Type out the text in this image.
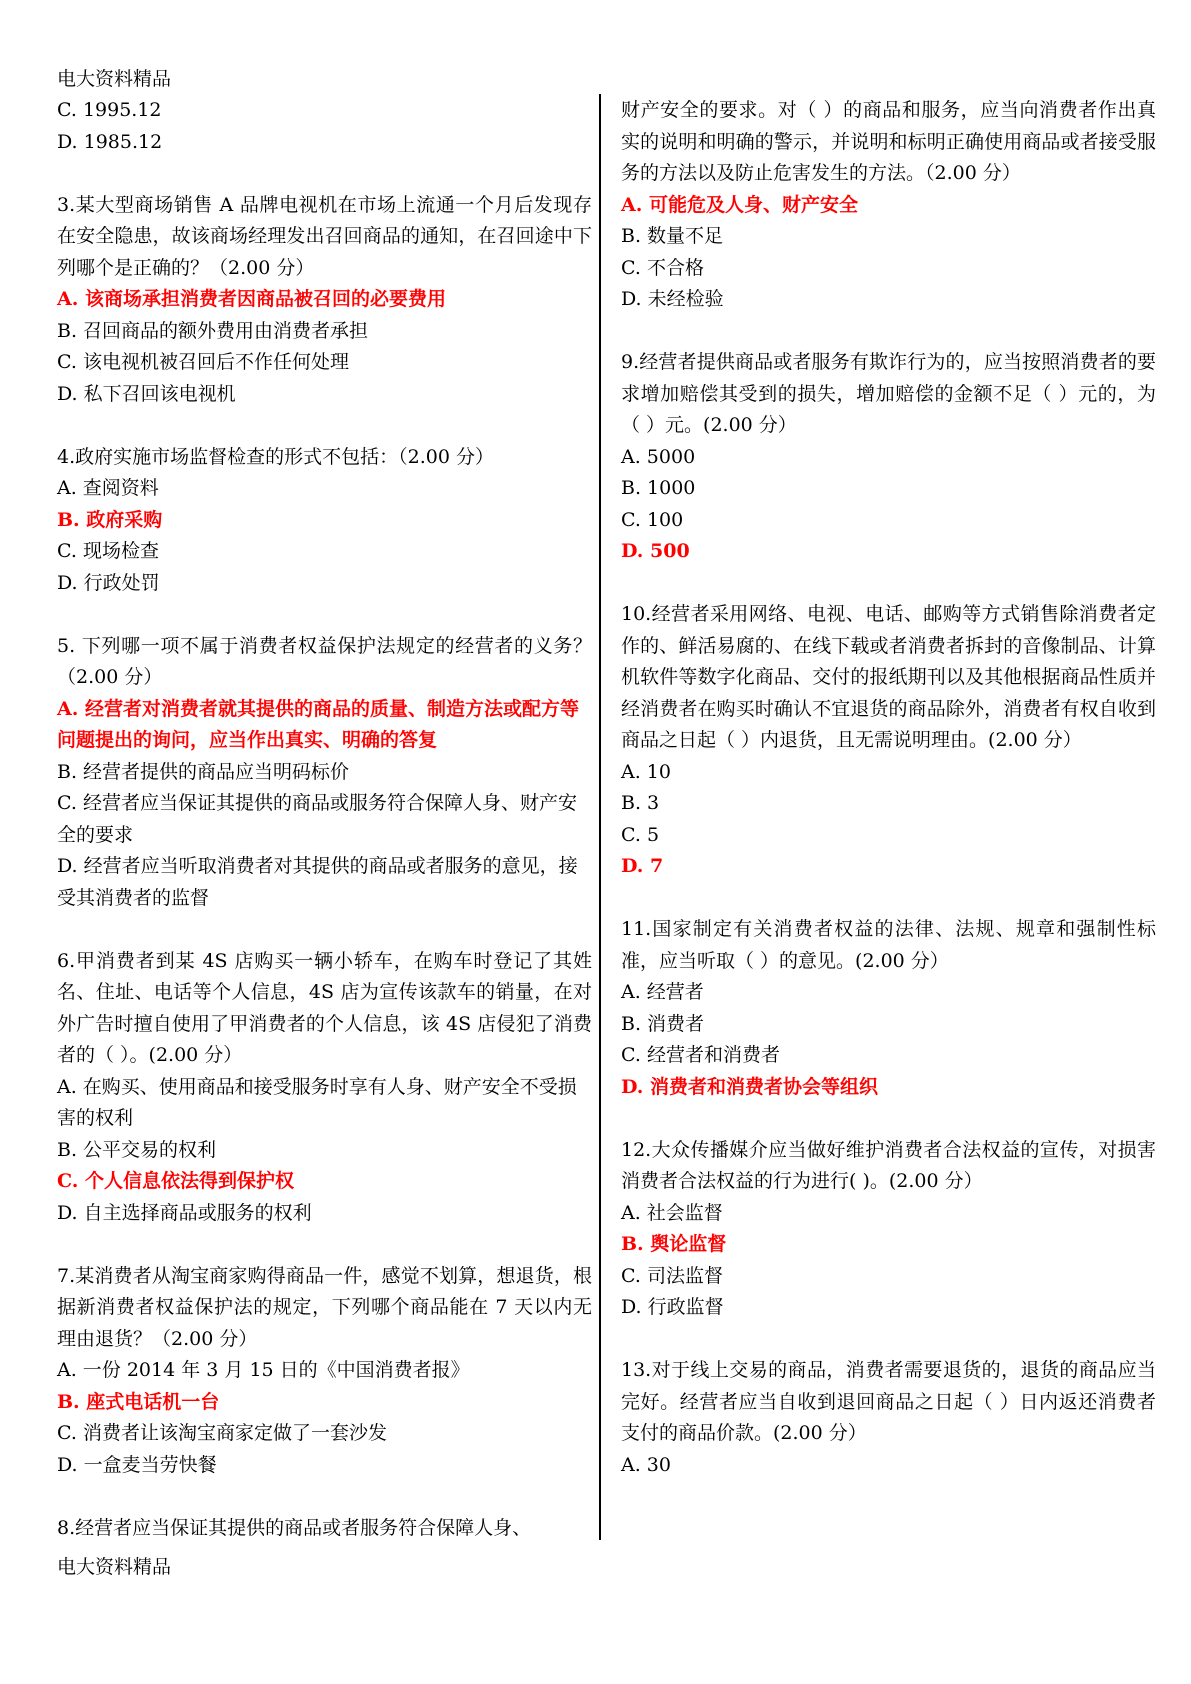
电大资料精品

C. 1995.12

D. 1985.12

3.某大型商场销售 A 品牌电视机在市场上流通一个月后发现存在安全隐患，故该商场经理发出召回商品的通知，在召回途中下列哪个是正确的？（2.00 分）

A. 该商场承担消费者因商品被召回的必要费用

B. 召回商品的额外费用由消费者承担

C. 该电视机被召回后不作任何处理

D. 私下召回该电视机

4.政府实施市场监督检查的形式不包括：（2.00 分）

A. 查阅资料

B. 政府采购

C. 现场检查

D. 行政处罚

5. 下列哪一项不属于消费者权益保护法规定的经营者的义务？（2.00 分）

A. 经营者对消费者就其提供的商品的质量、制造方法或配方等问题提出的询问，应当作出真实、明确的答复

B. 经营者提供的商品应当明码标价

C. 经营者应当保证其提供的商品或服务符合保障人身、财产安全的要求

D. 经营者应当听取消费者对其提供的商品或者服务的意见，接受其消费者的监督

6.甲消费者到某 4S 店购买一辆小轿车，在购车时登记了其姓名、住址、电话等个人信息，4S 店为宣传该款车的销量，在对外广告时擅自使用了甲消费者的个人信息，该 4S 店侵犯了消费者的（ ）。(2.00 分）

A. 在购买、使用商品和接受服务时享有人身、财产安全不受损害的权利

B. 公平交易的权利

C. 个人信息依法得到保护权

D. 自主选择商品或服务的权利

7.某消费者从淘宝商家购得商品一件，感觉不划算，想退货，根据新消费者权益保护法的规定，下列哪个商品能在 7 天以内无理由退货？（2.00 分）

A. 一份 2014 年 3 月 15 日的《中国消费者报》

B. 座式电话机一台

C. 消费者让该淘宝商家定做了一套沙发

D. 一盒麦当劳快餐

8.经营者应当保证其提供的商品或者服务符合保障人身、

财产安全的要求。对（ ）的商品和服务，应当向消费者作出真实的说明和明确的警示，并说明和标明正确使用商品或者接受服务的方法以及防止危害发生的方法。（2.00 分）

A. 可能危及人身、财产安全

B. 数量不足

C. 不合格

D. 未经检验

9.经营者提供商品或者服务有欺诈行为的，应当按照消费者的要求增加赔偿其受到的损失，增加赔偿的金额不足（ ）元的，为（ ）元。(2.00 分）

A. 5000

B. 1000

C. 100

D. 500

10.经营者采用网络、电视、电话、邮购等方式销售除消费者定作的、鲜活易腐的、在线下载或者消费者拆封的音像制品、计算机软件等数字化商品、交付的报纸期刊以及其他根据商品性质并经消费者在购买时确认不宜退货的商品除外，消费者有权自收到商品之日起（ ）内退货，且无需说明理由。(2.00 分）

A. 10

B. 3

C. 5

D. 7

11.国家制定有关消费者权益的法律、法规、规章和强制性标准，应当听取（ ）的意见。(2.00 分）

A. 经营者

B. 消费者

C. 经营者和消费者

D. 消费者和消费者协会等组织

12.大众传播媒介应当做好维护消费者合法权益的宣传，对损害消费者合法权益的行为进行( )。(2.00 分）

A. 社会监督

B. 舆论监督

C. 司法监督

D. 行政监督

13.对于线上交易的商品，消费者需要退货的，退货的商品应当完好。经营者应当自收到退回商品之日起（ ）日内返还消费者支付的商品价款。(2.00 分）

A. 30

电大资料精品
